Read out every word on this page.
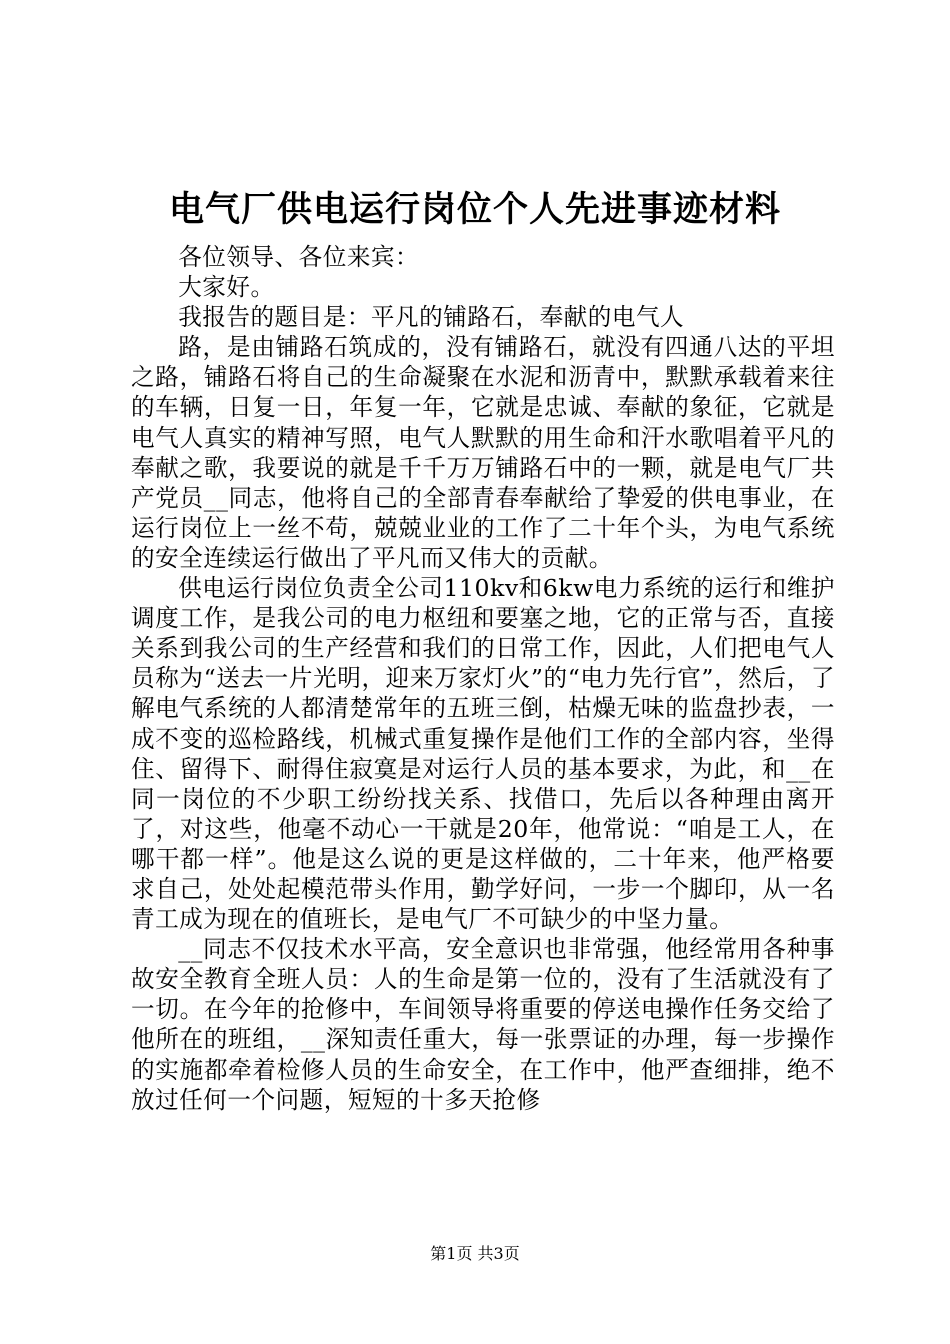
电气厂供电运行岗位个人先进事迹材料

各位领导、各位来宾：

大家好。

我报告的题目是：平凡的铺路石，奉献的电气人

路，是由铺路石筑成的，没有铺路石，就没有四通八达的平坦之路，铺路石将自己的生命凝聚在水泥和沥青中，默默承载着来往的车辆，日复一日，年复一年，它就是忠诚、奉献的象征，它就是电气人真实的精神写照，电气人默默的用生命和汗水歌唱着平凡的奉献之歌，我要说的就是千千万万铺路石中的一颗，就是电气厂共产党员__同志，他将自己的全部青春奉献给了挚爱的供电事业，在运行岗位上一丝不苟，兢兢业业的工作了二十年个头，为电气系统的安全连续运行做出了平凡而又伟大的贡献。

供电运行岗位负责全公司110kv和6kw电力系统的运行和维护调度工作，是我公司的电力枢纽和要塞之地，它的正常与否，直接关系到我公司的生产经营和我们的日常工作，因此，人们把电气人员称为“送去一片光明，迎来万家灯火”的“电力先行官”，然后，了解电气系统的人都清楚常年的五班三倒，枯燥无味的监盘抄表，一成不变的巡检路线，机械式重复操作是他们工作的全部内容，坐得住、留得下、耐得住寂寞是对运行人员的基本要求，为此，和__在同一岗位的不少职工纷纷找关系、找借口，先后以各种理由离开了，对这些，他毫不动心一干就是20年，他常说：“咱是工人，在哪干都一样”。他是这么说的更是这样做的，二十年来，他严格要求自己，处处起模范带头作用，勤学好问，一步一个脚印，从一名青工成为现在的值班长，是电气厂不可缺少的中坚力量。

__同志不仅技术水平高，安全意识也非常强，他经常用各种事故安全教育全班人员：人的生命是第一位的，没有了生活就没有了一切。在今年的抢修中，车间领导将重要的停送电操作任务交给了他所在的班组，__深知责任重大，每一张票证的办理，每一步操作的实施都牵着检修人员的生命安全，在工作中，他严查细排，绝不放过任何一个问题，短短的十多天抢修

第1页 共3页
